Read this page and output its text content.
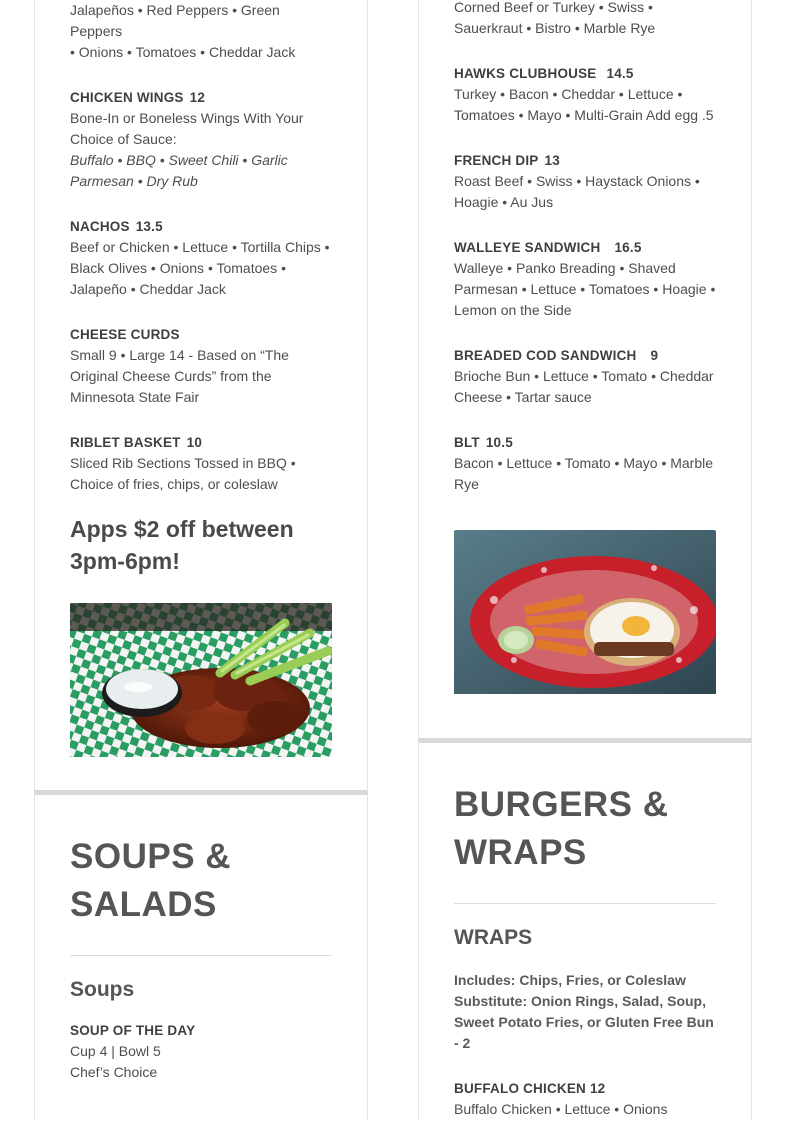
Jalapeños • Red Peppers • Green Peppers
• Onions • Tomatoes • Cheddar Jack
CHICKEN WINGS 12
Bone-In or Boneless Wings With Your Choice of Sauce:
Buffalo • BBQ • Sweet Chili • Garlic Parmesan • Dry Rub
NACHOS 13.5
Beef or Chicken • Lettuce • Tortilla Chips • Black Olives • Onions • Tomatoes • Jalapeño • Cheddar Jack
CHEESE CURDS
Small 9 • Large 14 - Based on “The Original Cheese Curds” from the Minnesota State Fair
RIBLET BASKET 10
Sliced Rib Sections Tossed in BBQ • Choice of fries, chips, or coleslaw
Apps $2 off between 3pm-6pm!
Corned Beef or Turkey • Swiss •
Sauerkraut • Bistro • Marble Rye
HAWKS CLUBHOUSE 14.5
Turkey • Bacon • Cheddar • Lettuce • Tomatoes • Mayo • Multi-Grain Add egg .5
FRENCH DIP 13
Roast Beef • Swiss • Haystack Onions • Hoagie • Au Jus
WALLEYE SANDWICH 16.5
Walleye • Panko Breading • Shaved Parmesan • Lettuce • Tomatoes • Hoagie • Lemon on the Side
BREADED COD SANDWICH 9
Brioche Bun • Lettuce • Tomato • Cheddar Cheese • Tartar sauce
BLT 10.5
Bacon • Lettuce • Tomato • Mayo • Marble Rye
SOUPS & SALADS
Soups
SOUP OF THE DAY
Cup 4 | Bowl 5
Chef’s Choice
BURGERS & WRAPS
WRAPS
Includes: Chips, Fries, or Coleslaw Substitute: Onion Rings, Salad, Soup, Sweet Potato Fries, or Gluten Free Bun - 2
BUFFALO CHICKEN 12
Buffalo Chicken • Lettuce • Onions
